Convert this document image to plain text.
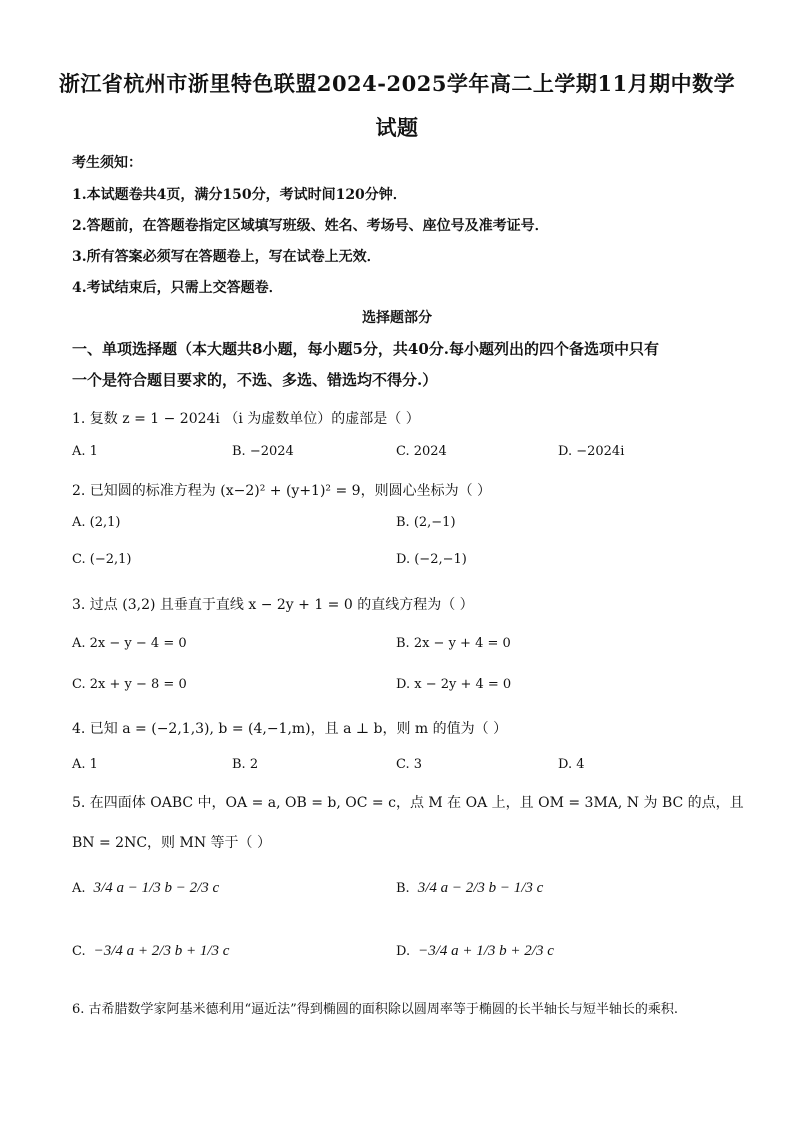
浙江省杭州市浙里特色联盟2024-2025学年高二上学期11月期中数学
试题
考生须知：
1.本试题卷共4页，满分150分，考试时间120分钟．
2.答题前，在答题卷指定区域填写班级、姓名、考场号、座位号及准考证号．
3.所有答案必须写在答题卷上，写在试卷上无效．
4.考试结束后，只需上交答题卷．
选择题部分
一、单项选择题（本大题共8小题，每小题5分，共40分.每小题列出的四个备选项中只有
一个是符合题目要求的，不选、多选、错选均不得分.）
1. 复数 z = 1 − 2024i （i 为虚数单位）的虚部是（ ）
A. 1	B. −2024	C. 2024	D. −2024i
2. 已知圆的标准方程为 (x−2)² + (y+1)² = 9，则圆心坐标为（ ）
A. (2,1)	B. (2,−1)
C. (−2,1)	D. (−2,−1)
3. 过点 (3,2) 且垂直于直线 x − 2y + 1 = 0 的直线方程为（ ）
A. 2x − y − 4 = 0	B. 2x − y + 4 = 0
C. 2x + y − 8 = 0	D. x − 2y + 4 = 0
4. 已知 a = (−2,1,3), b = (4,−1,m)，且 a ⊥ b，则 m 的值为（ ）
A. 1	B. 2	C. 3	D. 4
5. 在四面体 OABC 中，OA = a, OB = b, OC = c，点 M 在 OA 上，且 OM = 3MA, N 为 BC 的点，且
BN = 2NC，则 MN 等于（ ）
A. 3/4 a − 1/3 b − 2/3 c	B. 3/4 a − 2/3 b − 1/3 c
C. −3/4 a + 2/3 b + 1/3 c	D. −3/4 a + 1/3 b + 2/3 c
6. 古希腊数学家阿基米德利用“逼近法”得到椭圆的面积除以圆周率等于椭圆的长半轴长与短半轴长的乘积.
